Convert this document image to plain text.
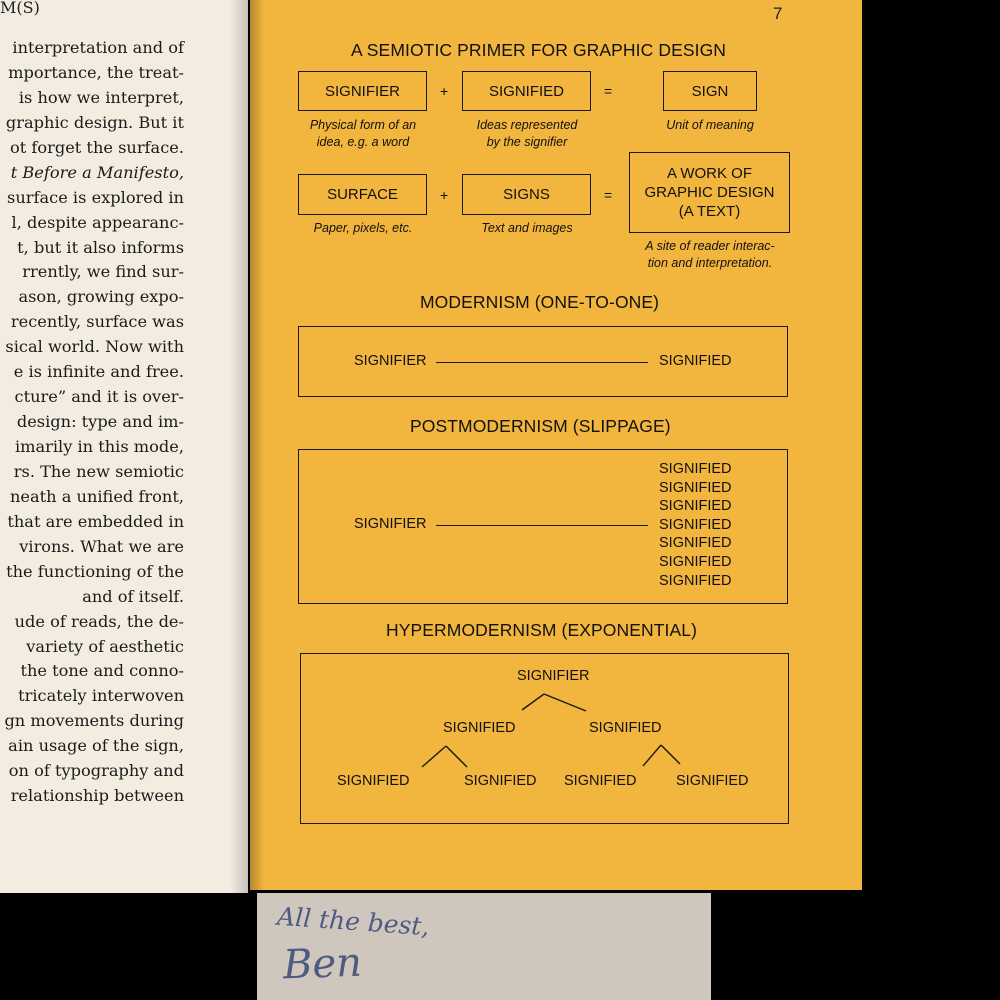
M(S)
interpretation and of
mportance, the treat-
is how we interpret,
graphic design. But it
ot forget the surface.
t Before a Manifesto,
surface is explored in
l, despite appearanc-
t, but it also informs
rrently, we find sur-
ason, growing expo-
recently, surface was
sical world. Now with
e is infinite and free.
cture” and it is over-
design: type and im-
imarily in this mode,
rs. The new semiotic
neath a unified front,
that are embedded in
virons. What we are
the functioning of the
and of itself.
ude of reads, the de-
variety of aesthetic
the tone and conno-
tricately interwoven
gn movements during
ain usage of the sign,
on of typography and
relationship between
7
A SEMIOTIC PRIMER FOR GRAPHIC DESIGN
SIGNIFIER	+	SIGNIFIED	=	SIGN
Physical form of an
idea, e.g. a word
Ideas represented
by the signifier
Unit of meaning
SURFACE	+	SIGNS	=
A WORK OF
GRAPHIC DESIGN
(A TEXT)
Paper, pixels, etc.	Text and images
A site of reader interac-
tion and interpretation.
MODERNISM (ONE-TO-ONE)
SIGNIFIER	SIGNIFIED
POSTMODERNISM (SLIPPAGE)
SIGNIFIER
SIGNIFIED
SIGNIFIED
SIGNIFIED
SIGNIFIED
SIGNIFIED
SIGNIFIED
SIGNIFIED
HYPERMODERNISM (EXPONENTIAL)
SIGNIFIER
SIGNIFIED	SIGNIFIED
SIGNIFIED	SIGNIFIED SIGNIFIED	SIGNIFIED
All the best,
Ben
